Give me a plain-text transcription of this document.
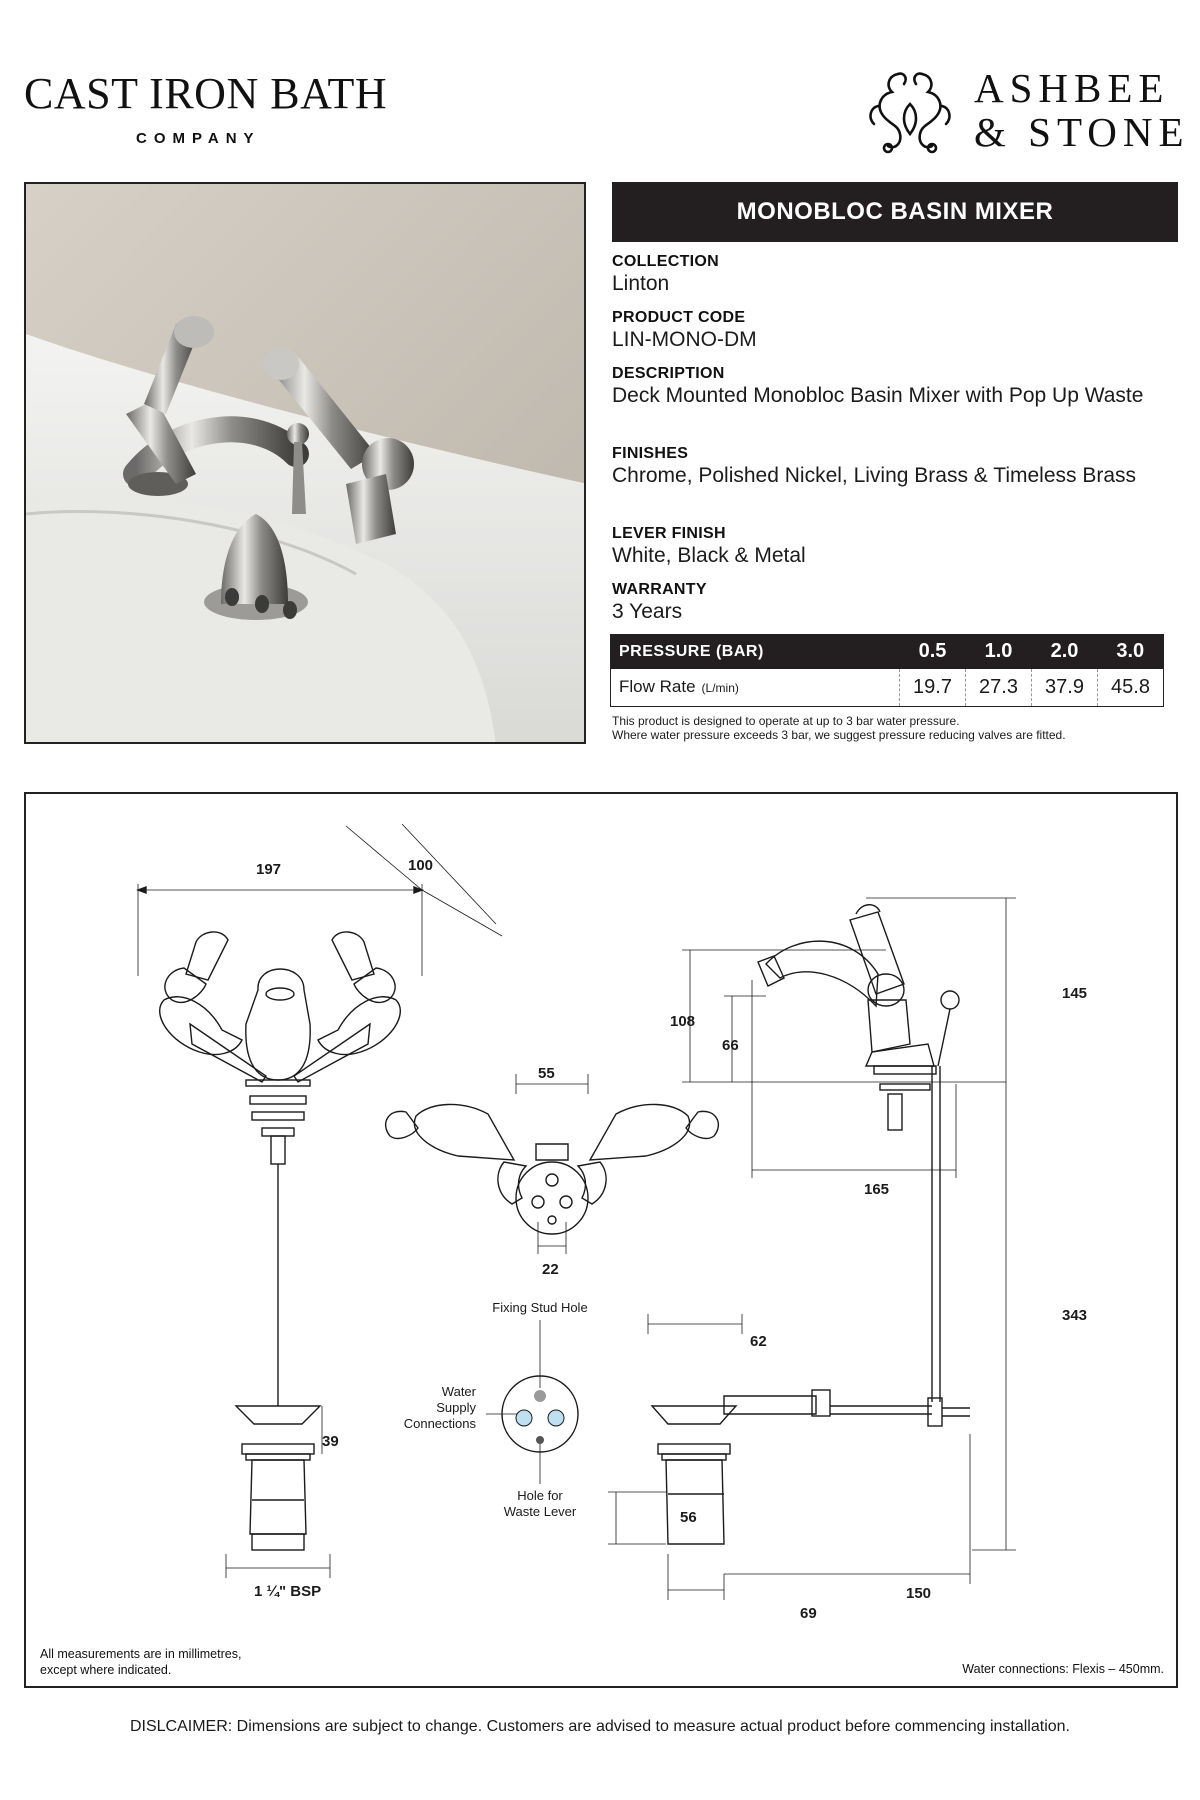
CAST IRON BATH
COMPANY
ASHBEE
& STONE
MONOBLOC BASIN MIXER
COLLECTION
Linton
PRODUCT CODE
LIN-MONO-DM
DESCRIPTION
Deck Mounted Monobloc Basin Mixer with Pop Up Waste
FINISHES
Chrome, Polished Nickel, Living Brass & Timeless Brass
LEVER FINISH
White, Black & Metal
WARRANTY
3 Years
PRESSURE (BAR)	0.5	1.0	2.0	3.0
Flow Rate (L/min)	19.7	27.3	37.9	45.8
This product is designed to operate at up to 3 bar water pressure.
Where water pressure exceeds 3 bar, we suggest pressure reducing valves are fitted.
197	100
55
22
39
1 ¼" BSP
108
66
165
145
343
62
56
69
150
Fixing Stud Hole
Water
Supply
Connections
Hole for
Waste Lever
All measurements are in millimetres,
except where indicated.	Water connections: Flexis – 450mm.
DISLCAIMER: Dimensions are subject to change. Customers are advised to measure actual product before commencing installation.
